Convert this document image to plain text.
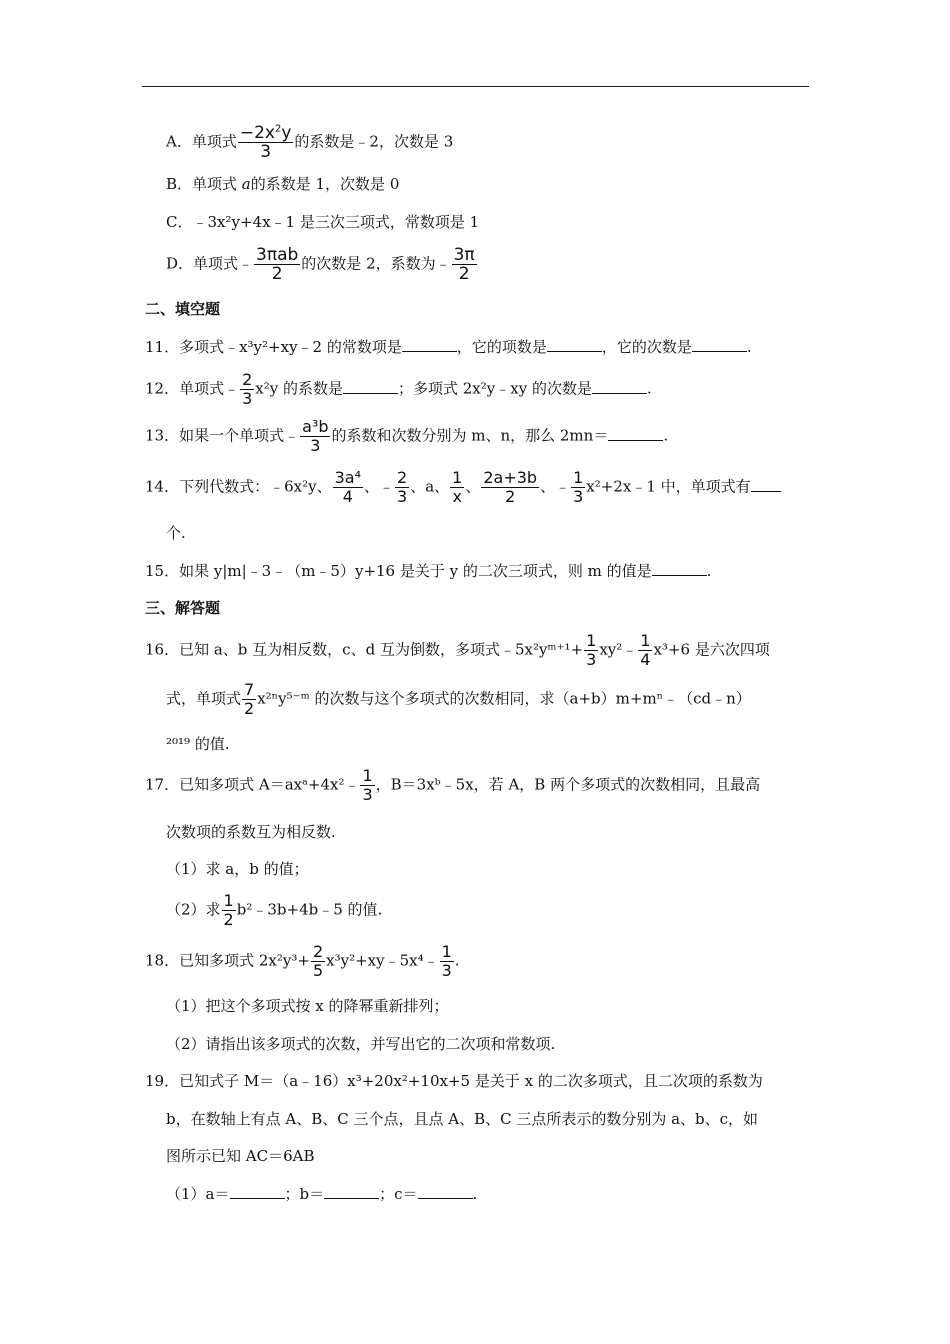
A．单项式 $\frac{-2x^2y}{3}$ 的系数是﹣2，次数是 3
B．单项式 a的系数是 1，次数是 0
C．﹣3x²y+4x﹣1 是三次三项式，常数项是 1
D．单项式﹣ $\frac{\text{3πab}}{2}$ 的次数是 2，系数为﹣ $\frac{3\pi}{2}$
二、填空题
11．多项式﹣x³y²+xy﹣2 的常数项是	，它的项数是	，它的次数是	.
12．单项式﹣ $\frac{2}{3} x^2y$ 的系数是	；多项式 2x²y﹣xy 的次数是	.
13．如果一个单项式﹣ $\frac{\text{a³b}}{3}$ 的系数和次数分别为 m、n，那么 2mn＝	.
14．下列代数式：﹣6x²y、 $\frac{\text{3a⁴}}{4}$ 、﹣ $\frac{2}{3}$ 、a、 $\frac{1}{x}$ 、 $\frac{2a+3b}{2}$ 、﹣ $\frac{1}{3}$ x²+2x﹣1 中，单项式有
个.
15．如果 y|m|﹣3﹣（m﹣5）y+16 是关于 y 的二次三项式，则 m 的值是	.
三、解答题
16．已知 a、b 互为相反数，c、d 互为倒数，多项式﹣5x²yᵐ⁺¹+ $\frac{1}{3}$ xy²﹣ $\frac{1}{4} x^3+6$ 是六次四项
式，单项式 $\frac{7}{2}$ x²ⁿy⁵⁻ᵐ 的次数与这个多项式的次数相同，求（a+b）m+mⁿ﹣（cd﹣n）
²⁰¹⁹ 的值.
17．已知多项式 A＝axᵃ+4x²﹣ $\frac{1}{3}$ ，B＝3xᵇ﹣5x，若 A，B 两个多项式的次数相同，且最高
次数项的系数互为相反数.
（1）求 a，b 的值；
（2）求 $\frac{1}{2}$ b²﹣3b+4b﹣5 的值.
18．已知多项式 $2x^2y^3+ \frac{2}{5}$ x³y²+xy﹣5x⁴﹣ $\frac{1}{3}$ .
（1）把这个多项式按 x 的降幂重新排列；
（2）请指出该多项式的次数，并写出它的二次项和常数项.
19．已知式子 M＝（a﹣16）x³+20x²+10x+5 是关于 x 的二次多项式，且二次项的系数为
b，在数轴上有点 A、B、C 三个点，且点 A、B、C 三点所表示的数分别为 a、b、c，如
图所示已知 AC＝6AB
（1）a＝	；b＝	；c＝	.
